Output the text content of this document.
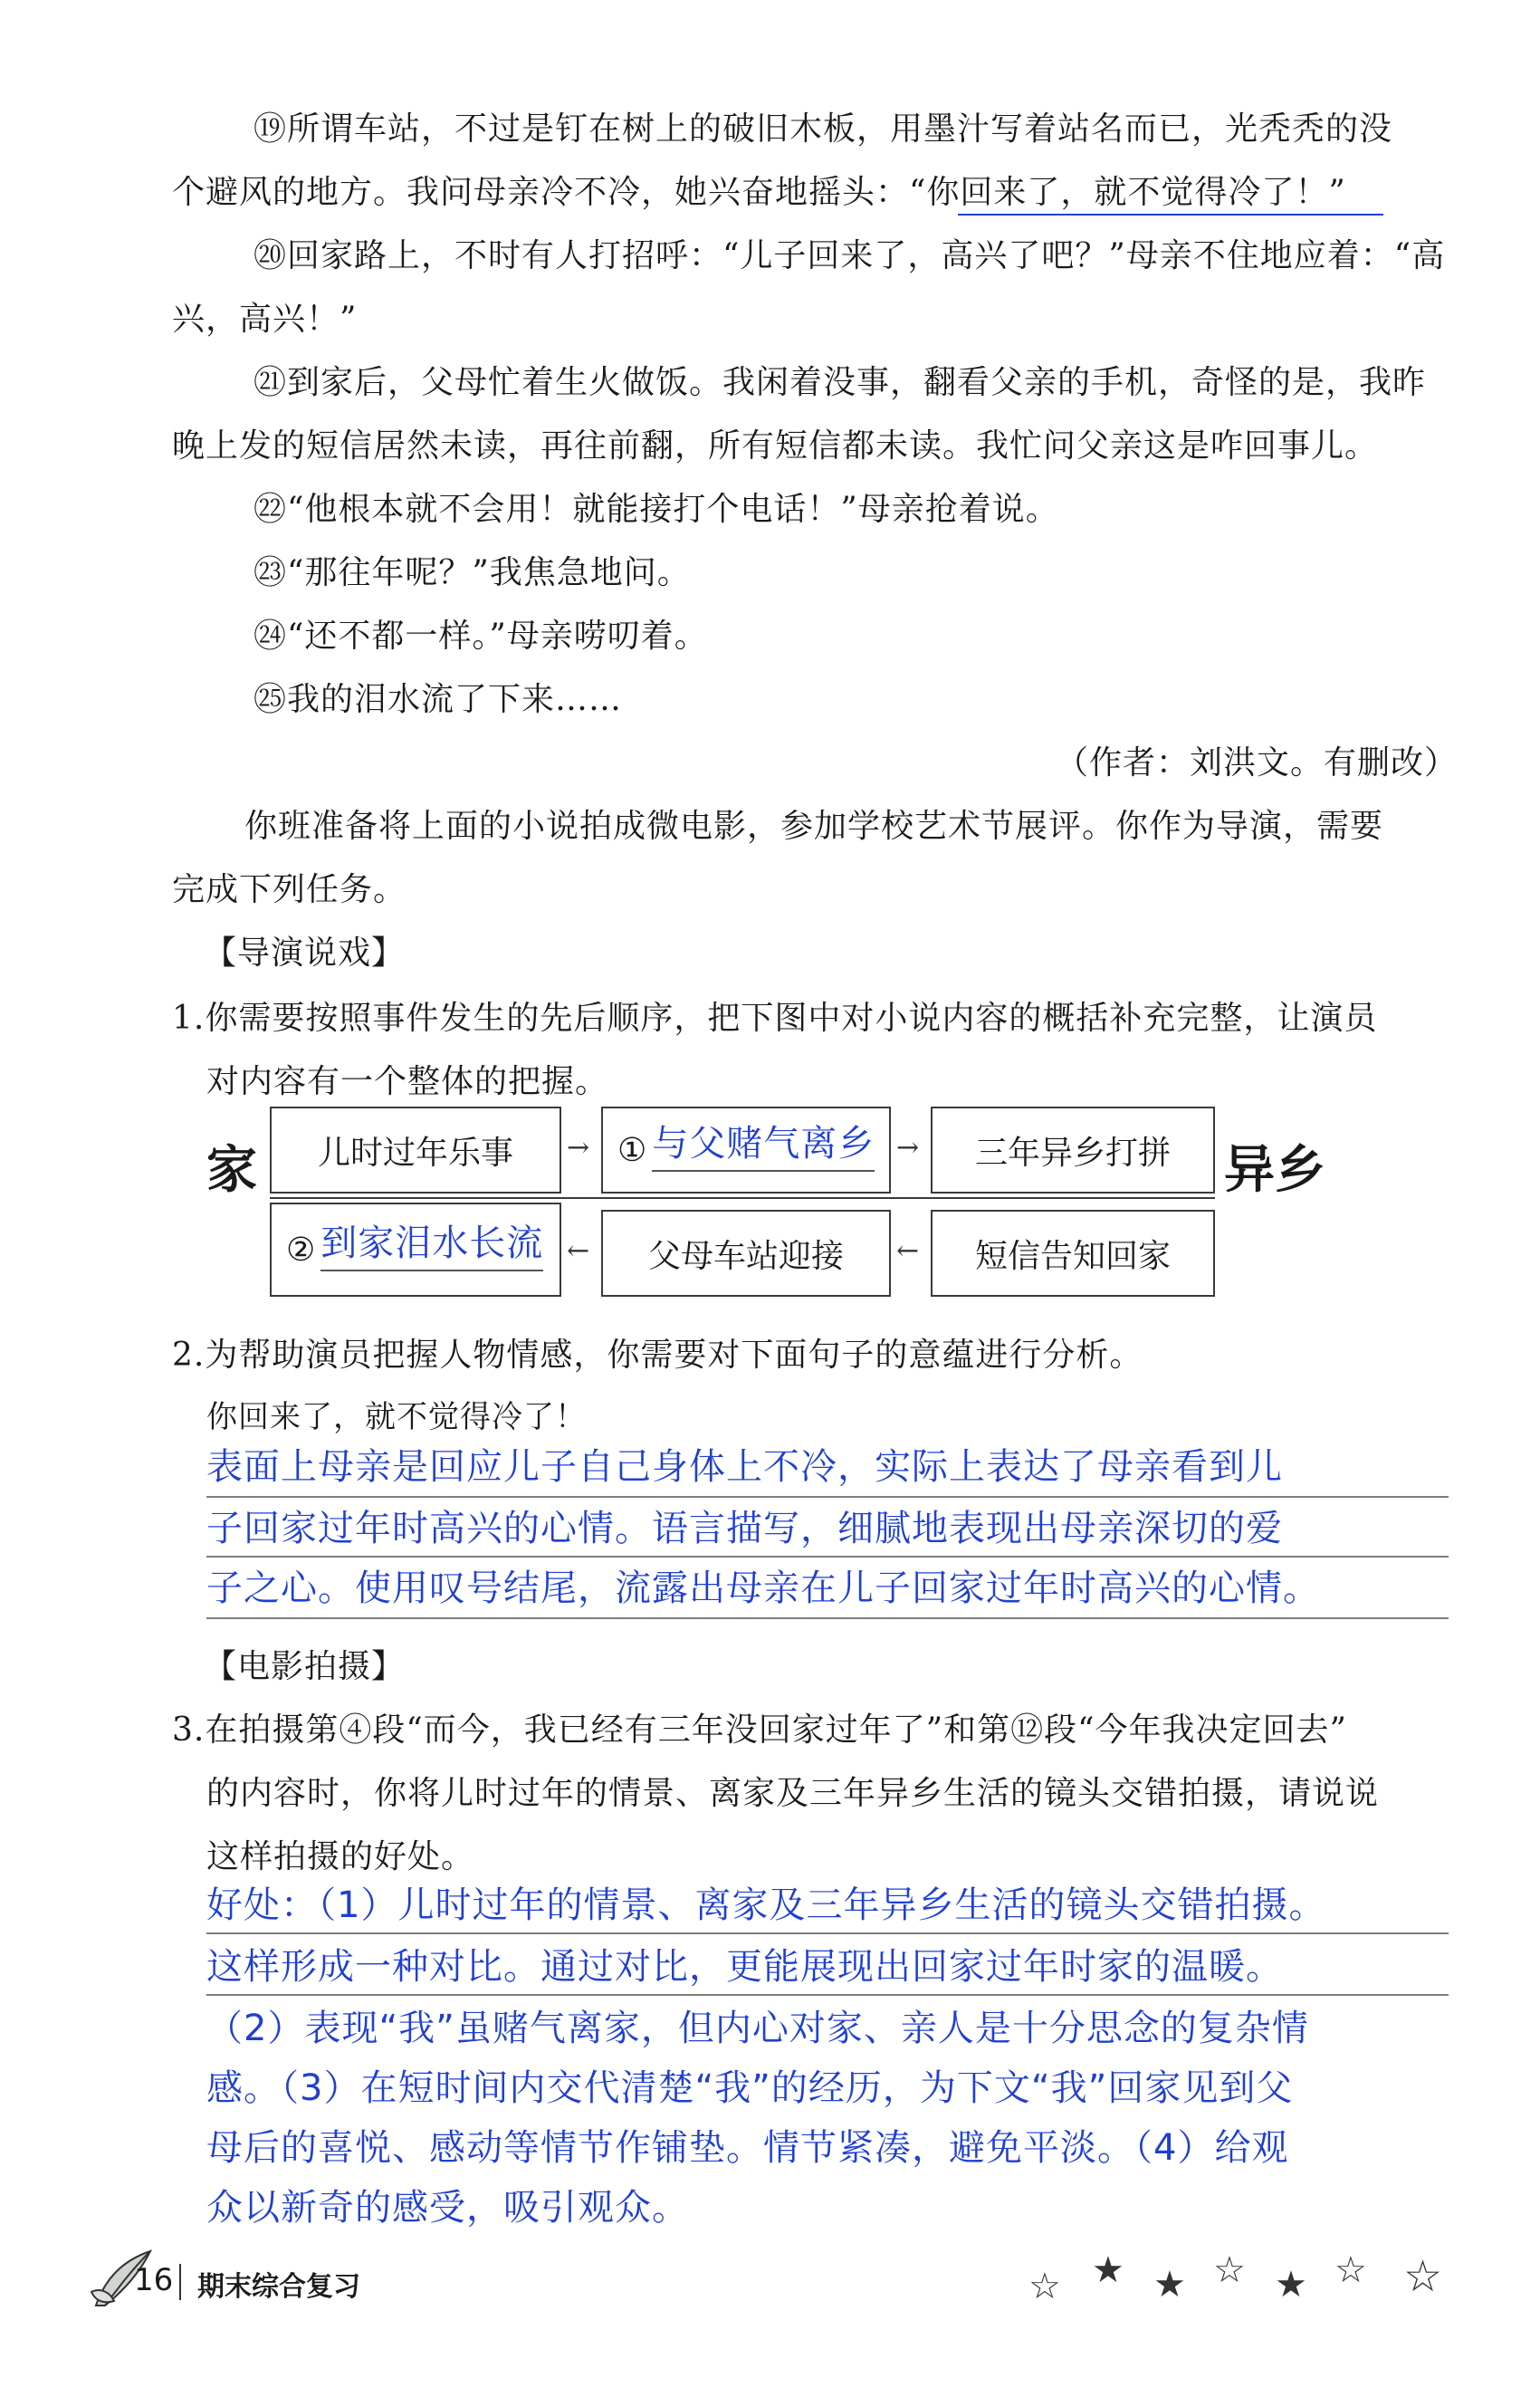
⑲所谓车站，不过是钉在树上的破旧木板，用墨汁写着站名而已，光秃秃的没
个避风的地方。我问母亲冷不冷，她兴奋地摇头：“你回来了，就不觉得冷了！”
⑳回家路上，不时有人打招呼：“儿子回来了，高兴了吧？”母亲不住地应着：“高
兴，高兴！”
㉑到家后，父母忙着生火做饭。我闲着没事，翻看父亲的手机，奇怪的是，我昨
晚上发的短信居然未读，再往前翻，所有短信都未读。我忙问父亲这是咋回事儿。
㉒“他根本就不会用！就能接打个电话！”母亲抢着说。
㉓“那往年呢？”我焦急地问。
㉔“还不都一样。”母亲唠叨着。
㉕我的泪水流了下来……
（作者：刘洪文。有删改）
你班准备将上面的小说拍成微电影，参加学校艺术节展评。你作为导演，需要
完成下列任务。
【导演说戏】
1.你需要按照事件发生的先后顺序，把下图中对小说内容的概括补充完整，让演员
对内容有一个整体的把握。
家	异乡
儿时过年乐事 → ① 与父赌气离乡 → 三年异乡打拼
② 到家泪水长流 ← 父母车站迎接 ← 短信告知回家
2.为帮助演员把握人物情感，你需要对下面句子的意蕴进行分析。
你回来了，就不觉得冷了！
表面上母亲是回应儿子自己身体上不冷，实际上表达了母亲看到儿
子回家过年时高兴的心情。语言描写，细腻地表现出母亲深切的爱
子之心。使用叹号结尾，流露出母亲在儿子回家过年时高兴的心情。
【电影拍摄】
3.在拍摄第④段“而今，我已经有三年没回家过年了”和第⑫段“今年我决定回去”
的内容时，你将儿时过年的情景、离家及三年异乡生活的镜头交错拍摄，请说说
这样拍摄的好处。
好处：（1）儿时过年的情景、离家及三年异乡生活的镜头交错拍摄。
这样形成一种对比。通过对比，更能展现出回家过年时家的温暖。
（2）表现“我”虽赌气离家，但内心对家、亲人是十分思念的复杂情
感。（3）在短时间内交代清楚“我”的经历，为下文“我”回家见到父
母后的喜悦、感动等情节作铺垫。情节紧凑，避免平淡。（4）给观
众以新奇的感受，吸引观众。
16 期末综合复习	☆ ★ ★ ☆ ★ ☆ ☆
